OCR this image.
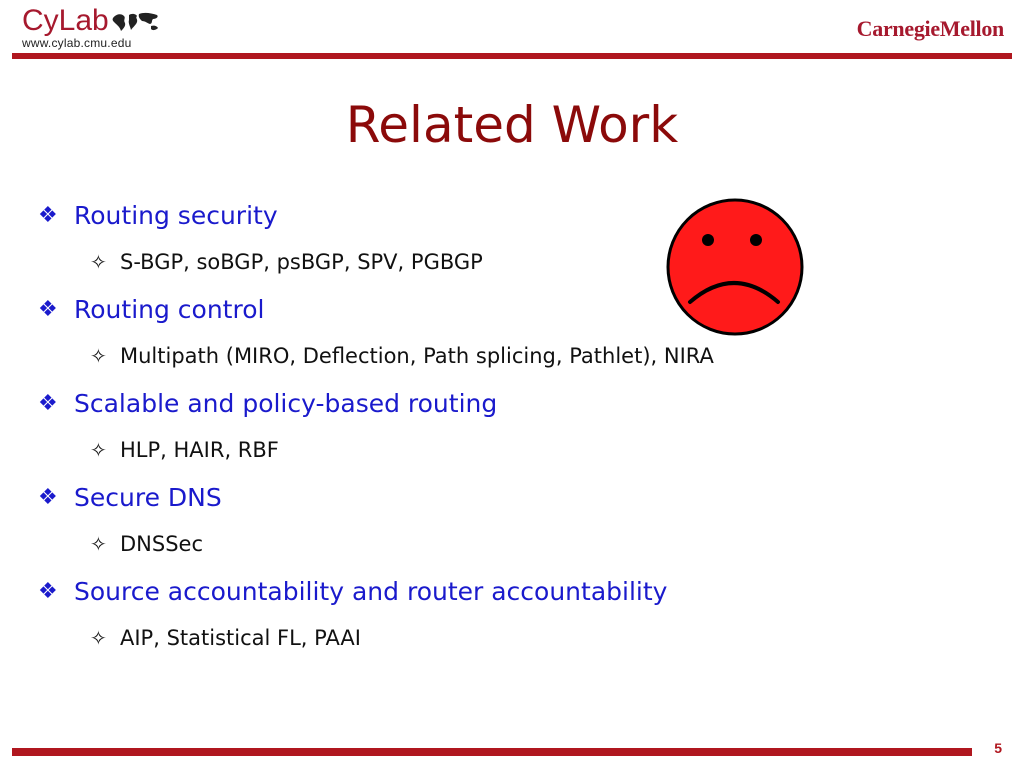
CyLab
www.cylab.cmu.edu
CarnegieMellon
Related Work
❖ Routing security
✧ S-BGP, soBGP, psBGP, SPV, PGBGP
❖ Routing control
✧ Multipath (MIRO, Deflection, Path splicing, Pathlet), NIRA
❖ Scalable and policy-based routing
✧ HLP, HAIR, RBF
❖ Secure DNS
✧ DNSSec
❖ Source accountability and router accountability
✧ AIP, Statistical FL, PAAI
5
